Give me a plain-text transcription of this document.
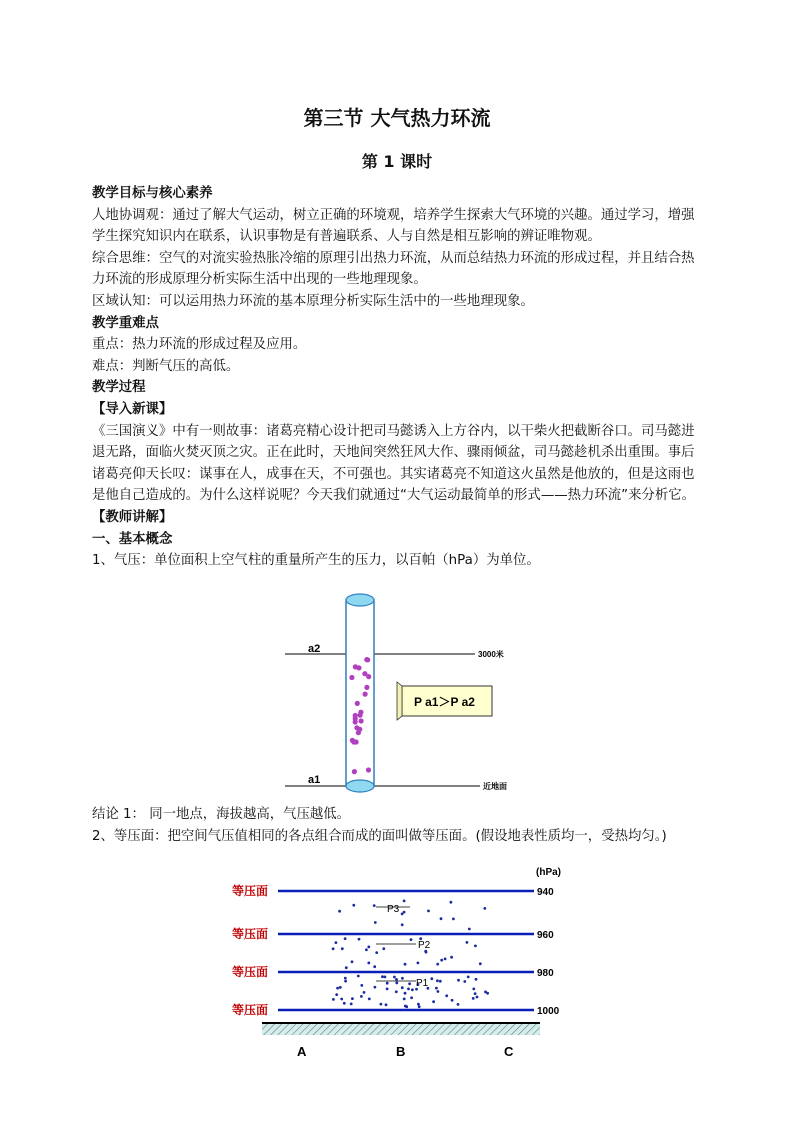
第三节 大气热力环流
第 1 课时

教学目标与核心素养

人地协调观：通过了解大气运动，树立正确的环境观，培养学生探索大气环境的兴趣。通过学习，增强学生探究知识内在联系，认识事物是有普遍联系、人与自然是相互影响的辨证唯物观。

综合思维：空气的对流实验热胀冷缩的原理引出热力环流，从而总结热力环流的形成过程，并且结合热力环流的形成原理分析实际生活中出现的一些地理现象。

区域认知：可以运用热力环流的基本原理分析实际生活中的一些地理现象。

教学重难点

重点：热力环流的形成过程及应用。

难点：判断气压的高低。

教学过程

【导入新课】

《三国演义》中有一则故事：诸葛亮精心设计把司马懿诱入上方谷内，以干柴火把截断谷口。司马懿进退无路，面临火焚灭顶之灾。正在此时，天地间突然狂风大作、骤雨倾盆，司马懿趁机杀出重围。事后诸葛亮仰天长叹：谋事在人，成事在天，不可强也。其实诸葛亮不知道这火虽然是他放的，但是这雨也是他自己造成的。为什么这样说呢？今天我们就通过“大气运动最简单的形式——热力环流”来分析它。

【教师讲解】

一、基本概念

1、气压：单位面积上空气柱的重量所产生的压力，以百帕（hPa）为单位。

a2
a1
3000米
近地面
P a1＞P a2

结论 1： 同一地点，海拔越高，气压越低。

2、等压面：把空间气压值相同的各点组合而成的面叫做等压面。(假设地表性质均一，受热均匀。)

(hPa)
等压面	940
等压面	960
等压面	980
等压面	1000
P3
P2
P1
A	B	C
